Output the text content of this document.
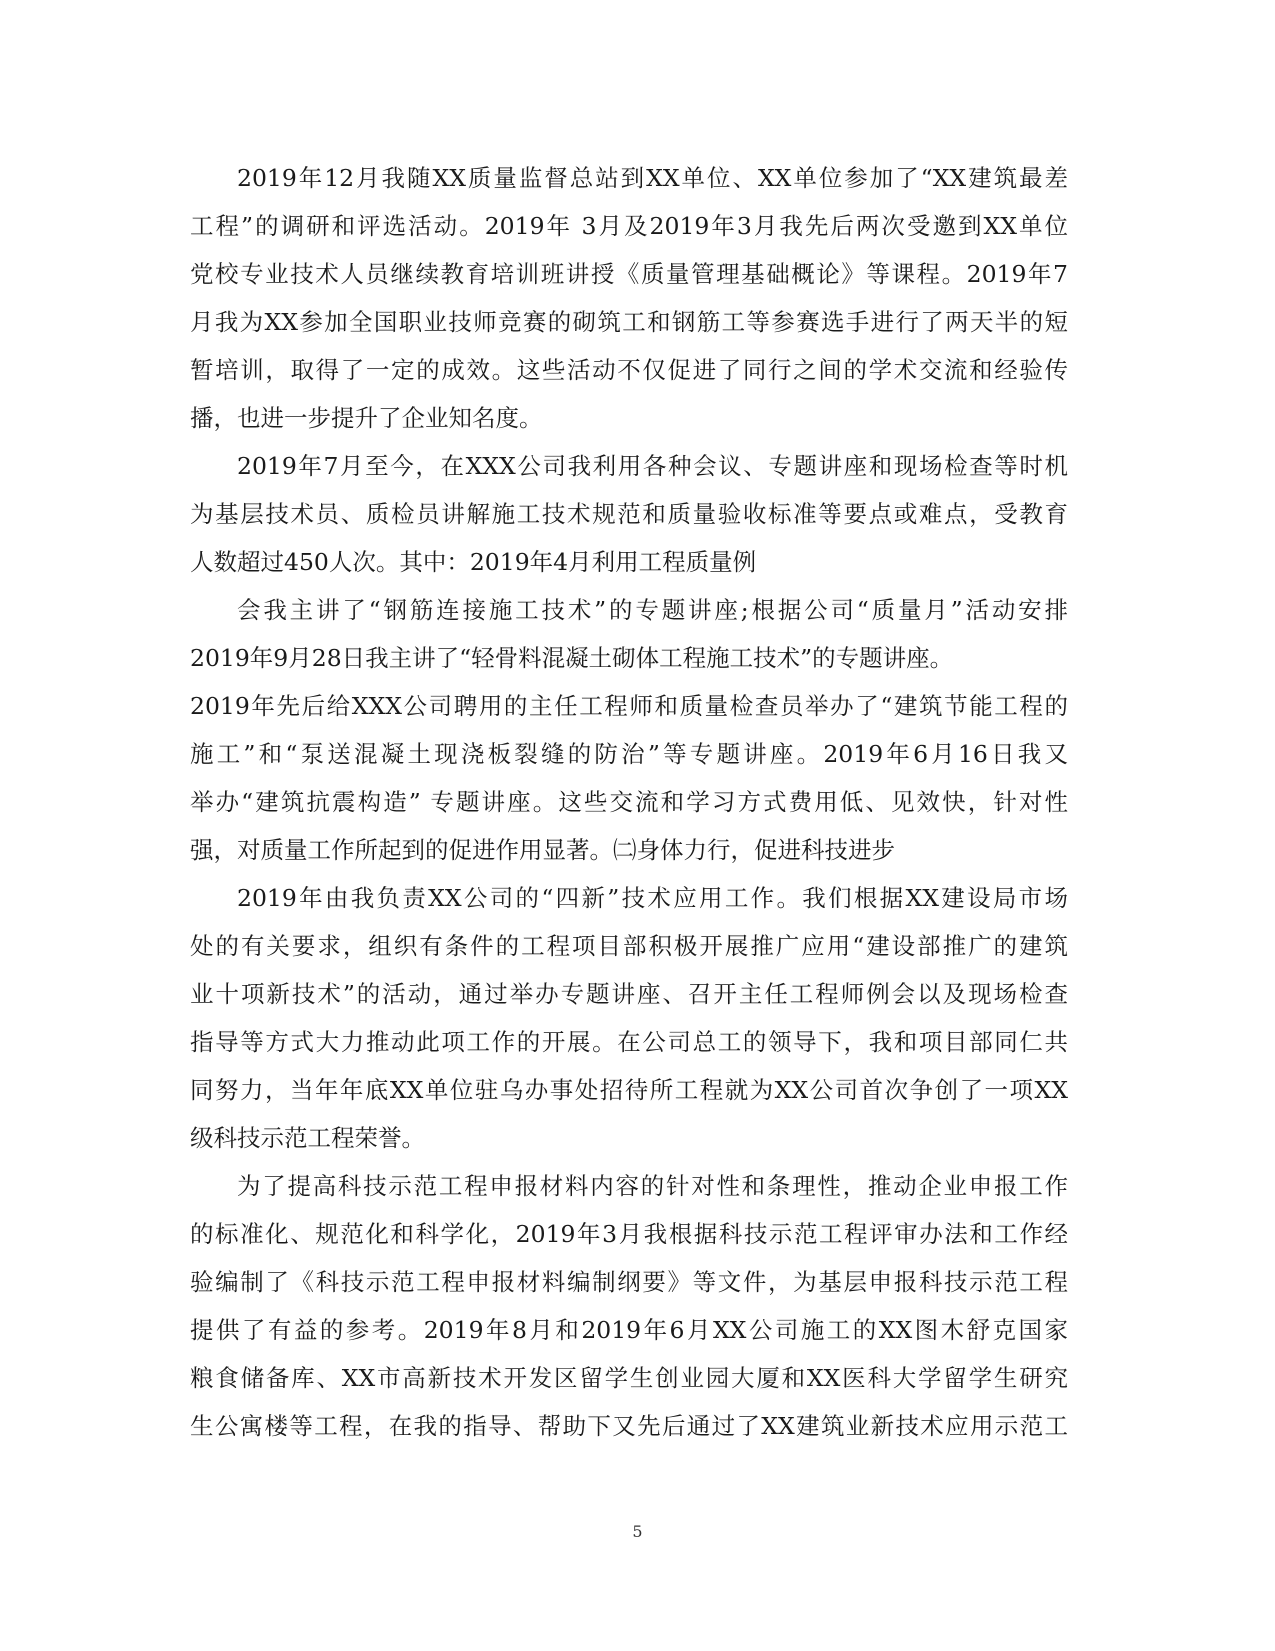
2019年12月我随XX质量监督总站到XX单位、XX单位参加了“XX建筑最差
工程”的调研和评选活动。2019年 3月及2019年3月我先后两次受邀到XX单位
党校专业技术人员继续教育培训班讲授《质量管理基础概论》等课程。2019年7
月我为XX参加全国职业技师竞赛的砌筑工和钢筋工等参赛选手进行了两天半的短
暂培训，取得了一定的成效。这些活动不仅促进了同行之间的学术交流和经验传
播，也进一步提升了企业知名度。
2019年7月至今，在XXX公司我利用各种会议、专题讲座和现场检查等时机
为基层技术员、质检员讲解施工技术规范和质量验收标准等要点或难点，受教育
人数超过450人次。其中：2019年4月利用工程质量例
会我主讲了“钢筋连接施工技术”的专题讲座;根据公司“质量月”活动安排
2019年9月28日我主讲了“轻骨料混凝土砌体工程施工技术”的专题讲座。
2019年先后给XXX公司聘用的主任工程师和质量检查员举办了“建筑节能工程的
施工”和“泵送混凝土现浇板裂缝的防治”等专题讲座。2019年6月16日我又
举办“建筑抗震构造” 专题讲座。这些交流和学习方式费用低、见效快，针对性
强，对质量工作所起到的促进作用显著。㈡身体力行，促进科技进步
2019年由我负责XX公司的“四新”技术应用工作。我们根据XX建设局市场
处的有关要求，组织有条件的工程项目部积极开展推广应用“建设部推广的建筑
业十项新技术”的活动，通过举办专题讲座、召开主任工程师例会以及现场检查
指导等方式大力推动此项工作的开展。在公司总工的领导下，我和项目部同仁共
同努力，当年年底XX单位驻乌办事处招待所工程就为XX公司首次争创了一项XX
级科技示范工程荣誉。
为了提高科技示范工程申报材料内容的针对性和条理性，推动企业申报工作
的标准化、规范化和科学化，2019年3月我根据科技示范工程评审办法和工作经
验编制了《科技示范工程申报材料编制纲要》等文件，为基层申报科技示范工程
提供了有益的参考。2019年8月和2019年6月XX公司施工的XX图木舒克国家
粮食储备库、XX市高新技术开发区留学生创业园大厦和XX医科大学留学生研究
生公寓楼等工程，在我的指导、帮助下又先后通过了XX建筑业新技术应用示范工
5
